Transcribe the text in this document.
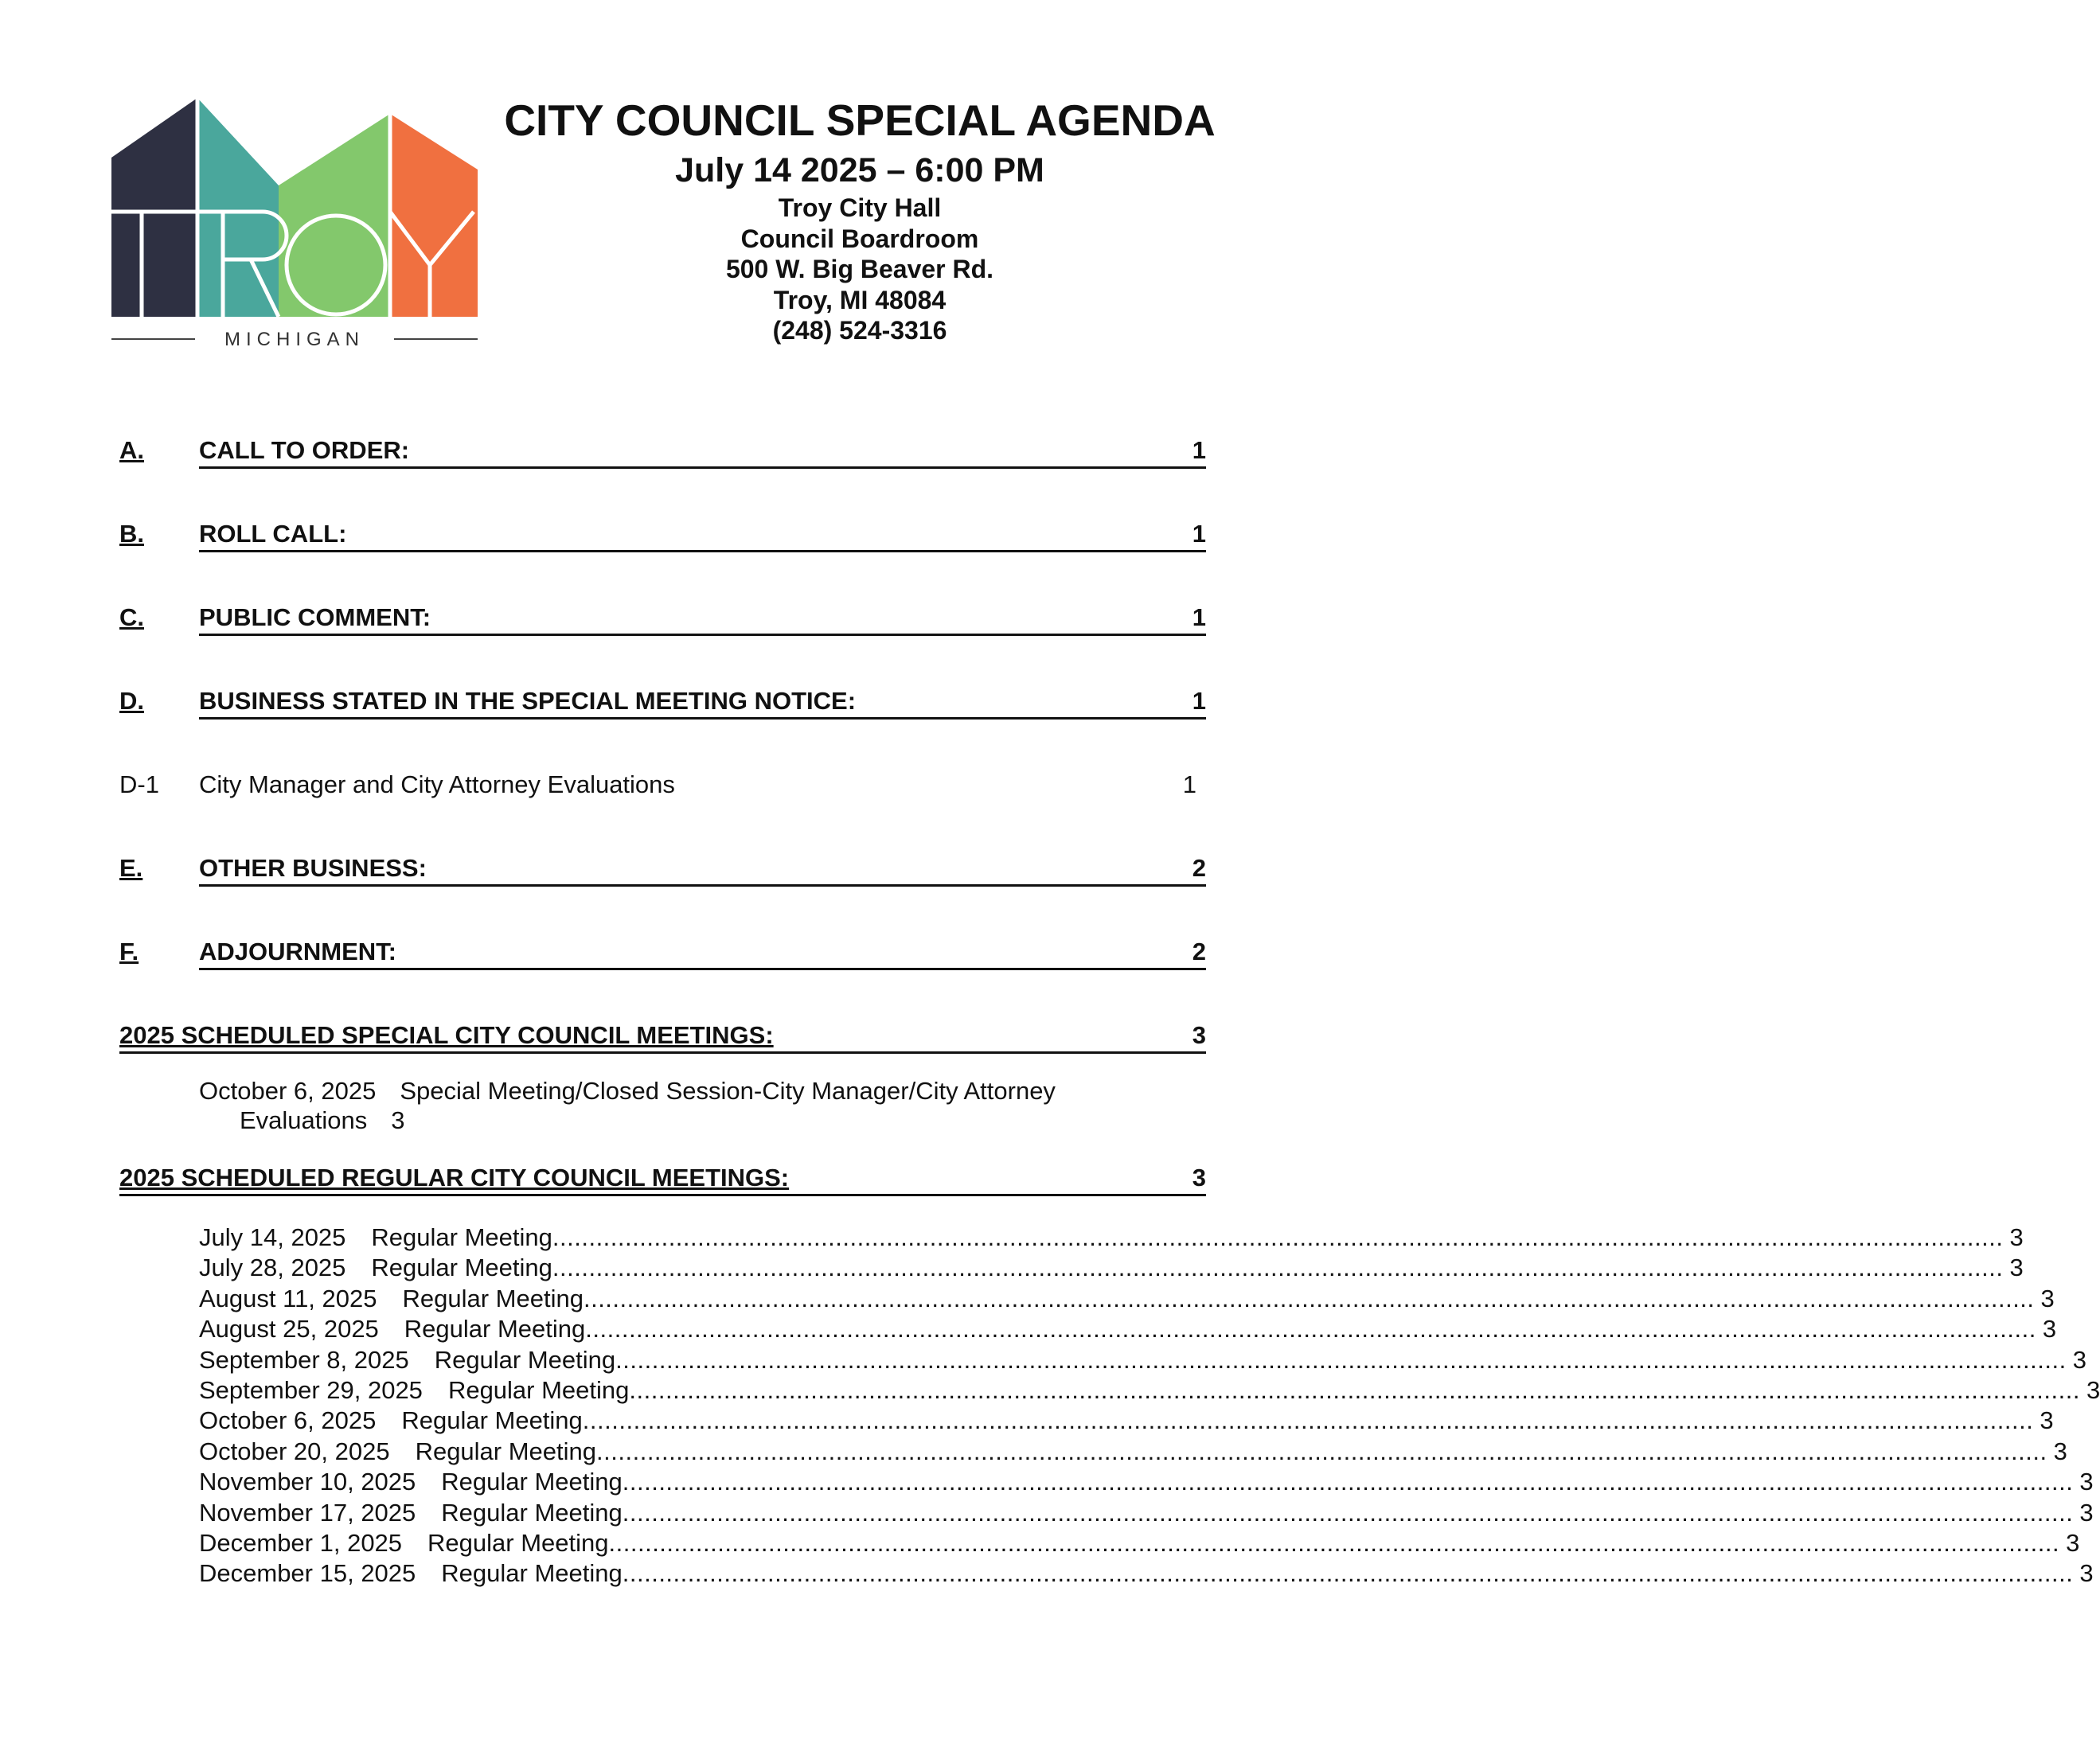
MICHIGAN
CITY COUNCIL SPECIAL AGENDA
July 14 2025 – 6:00 PM
Troy City Hall
Council Boardroom
500 W. Big Beaver Rd.
Troy, MI 48084
(248) 524-3316
A. CALL TO ORDER:	1
B. ROLL CALL:	1
C. PUBLIC COMMENT:	1
D. BUSINESS STATED IN THE SPECIAL MEETING NOTICE:	1
D-1 City Manager and City Attorney Evaluations	1
E. OTHER BUSINESS:	2
F. ADJOURNMENT:	2
2025 SCHEDULED SPECIAL CITY COUNCIL MEETINGS:	3
October 6, 2025 Special Meeting/Closed Session-City Manager/City Attorney
Evaluations 3
2025 SCHEDULED REGULAR CITY COUNCIL MEETINGS:	3
July 14, 2025 Regular Meeting ........................................................................................................................................................................................................ 3
July 28, 2025 Regular Meeting ........................................................................................................................................................................................................ 3
August 11, 2025 Regular Meeting ........................................................................................................................................................................................................ 3
August 25, 2025 Regular Meeting ........................................................................................................................................................................................................ 3
September 8, 2025 Regular Meeting ........................................................................................................................................................................................................ 3
September 29, 2025 Regular Meeting ........................................................................................................................................................................................................ 3
October 6, 2025 Regular Meeting ........................................................................................................................................................................................................ 3
October 20, 2025 Regular Meeting ........................................................................................................................................................................................................ 3
November 10, 2025 Regular Meeting ........................................................................................................................................................................................................ 3
November 17, 2025 Regular Meeting ........................................................................................................................................................................................................ 3
December 1, 2025 Regular Meeting ........................................................................................................................................................................................................ 3
December 15, 2025 Regular Meeting ........................................................................................................................................................................................................ 3
